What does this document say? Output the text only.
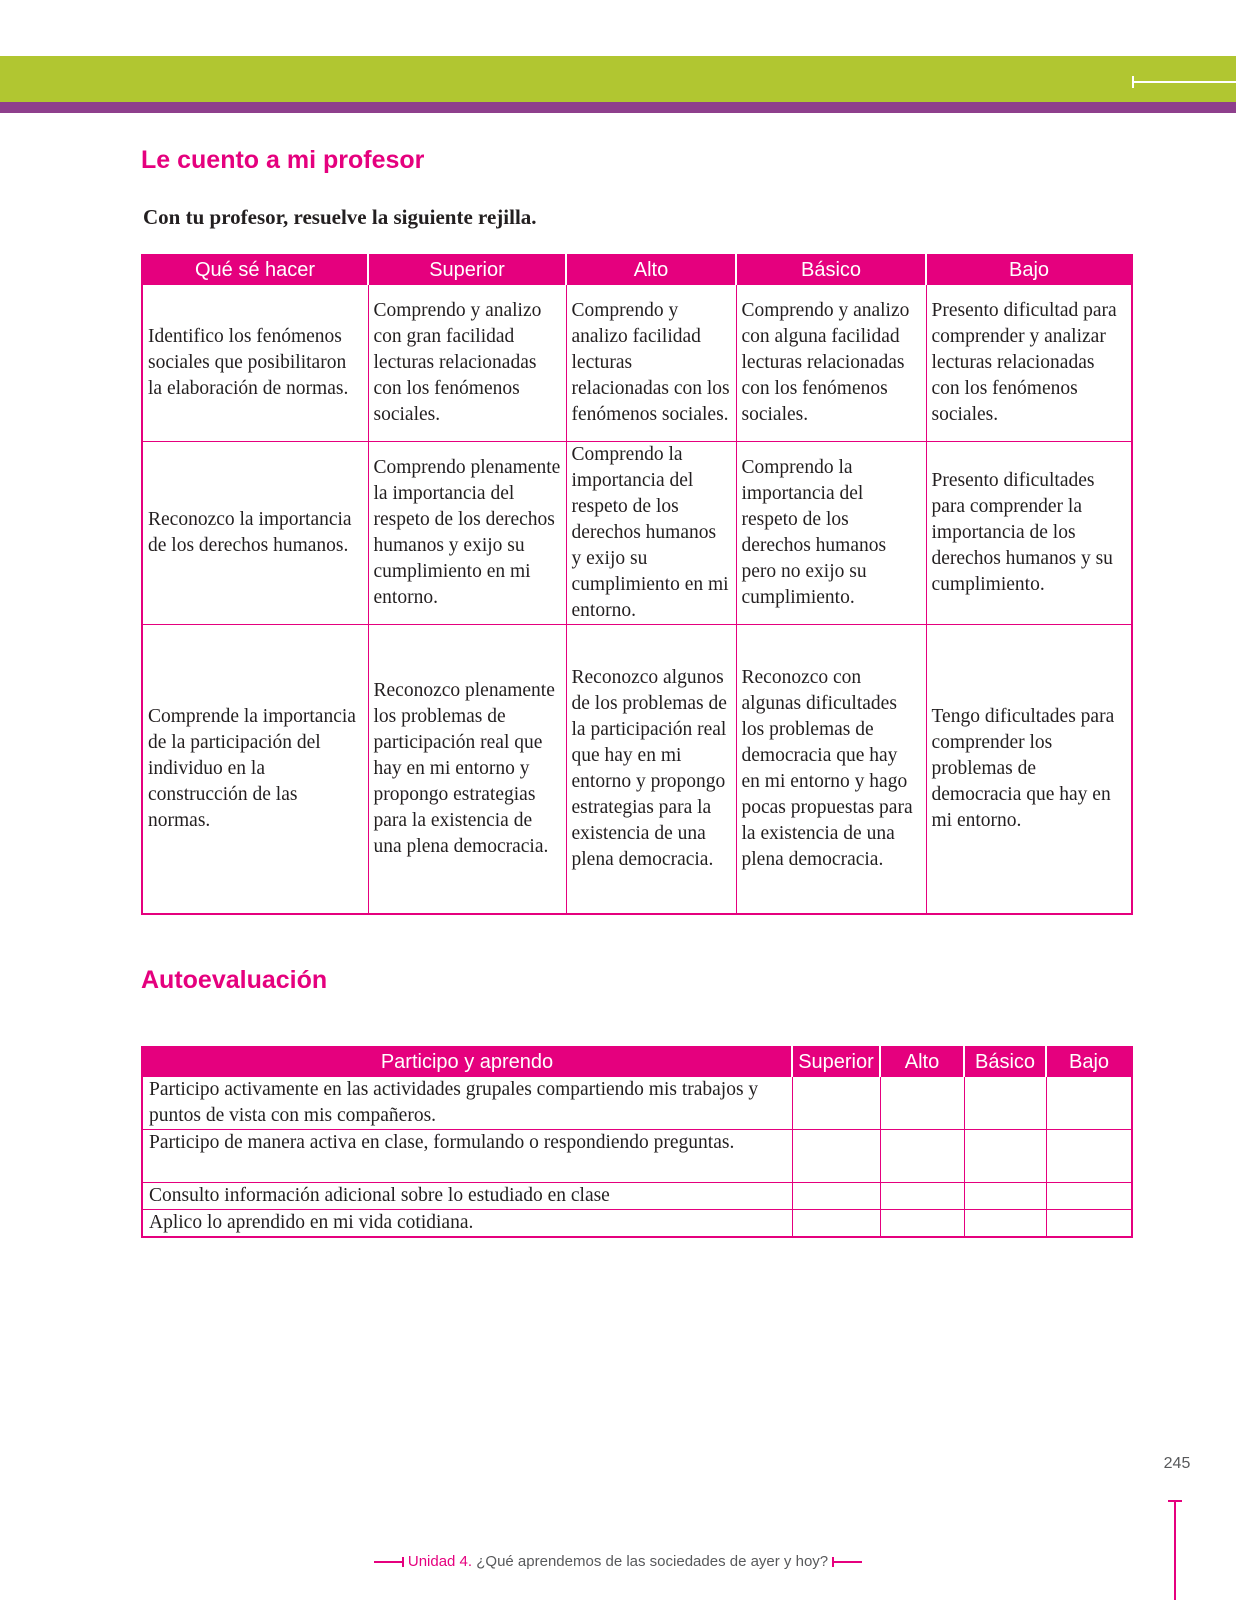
Le cuento a mi profesor

Con tu profesor, resuelve la siguiente rejilla.

Qué sé hacer	Superior	Alto	Básico	Bajo
Identifico los fenómenos sociales que posibilitaron la elaboración de normas.	Comprendo y analizo con gran facilidad lecturas relacionadas con los fenómenos sociales.	Comprendo y analizo facilidad lecturas relacionadas con los fenómenos sociales.	Comprendo y analizo con alguna facilidad lecturas relacionadas con los fenómenos sociales.	Presento dificultad para comprender y analizar lecturas relacionadas con los fenómenos sociales.
Reconozco la importancia de los derechos humanos.	Comprendo plenamente la importancia del respeto de los derechos humanos y exijo su cumplimiento en mi entorno.	Comprendo la importancia del respeto de los derechos humanos y exijo su cumplimiento en mi entorno.	Comprendo la importancia del respeto de los derechos humanos pero no exijo su cumplimiento.	Presento dificultades para comprender la importancia de los derechos humanos y su cumplimiento.
Comprende la importancia de la participación del individuo en la construcción de las normas.	Reconozco plenamente los problemas de participación real que hay en mi entorno y propongo estrategias para la existencia de una plena democracia.	Reconozco algunos de los problemas de la participación real que hay en mi entorno y propongo estrategias para la existencia de una plena democracia.	Reconozco con algunas dificultades los problemas de democracia que hay en mi entorno y hago pocas propuestas para la existencia de una plena democracia.	Tengo dificultades para comprender los problemas de democracia que hay en mi entorno.
Autoevaluación
Participo y aprendo	Superior	Alto	Básico	Bajo
Participo activamente en las actividades grupales compartiendo mis trabajos y puntos de vista con mis compañeros.				
Participo de manera activa en clase, formulando o respondiendo preguntas.				
Consulto información adicional sobre lo estudiado en clase				
Aplico lo aprendido en mi vida cotidiana.				
245
Unidad 4. ¿Qué aprendemos de las sociedades de ayer y hoy?
